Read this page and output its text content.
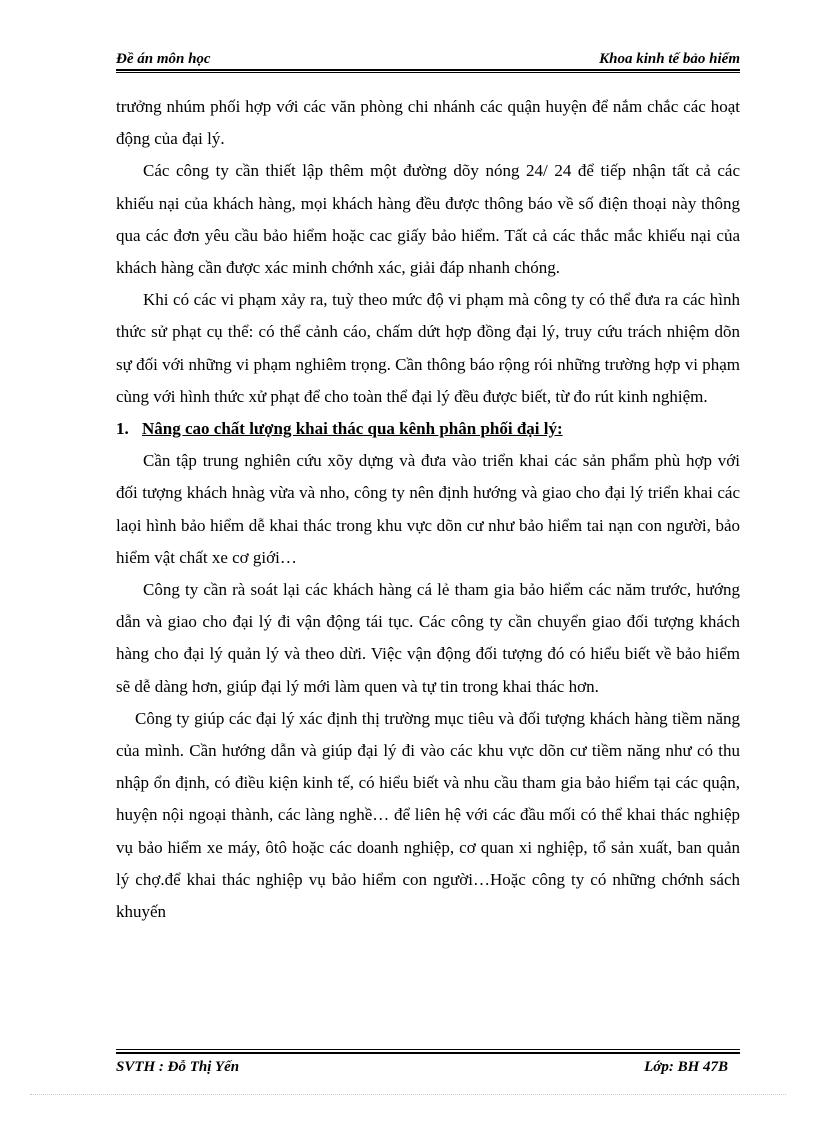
Đề án môn học	Khoa kinh tế bảo hiểm

trưởng nhúm phối hợp với các văn phòng chi nhánh các quận huyện để nắm chắc các hoạt động của đại lý.

Các công ty cần thiết lập thêm một đường dõy nóng 24/ 24 để tiếp nhận tất cả các khiếu nại của khách hàng, mọi khách hàng đều được thông báo về số điện thoại này thông qua các đơn yêu cầu bảo hiểm hoặc cac giấy bảo hiểm. Tất cả các thắc mắc khiếu nại của khách hàng cần được xác minh chớnh xác, giải đáp nhanh chóng.

Khi có các vi phạm xảy ra, tuỳ theo mức độ vi phạm mà công ty có thể đưa ra các hình thức sử phạt cụ thể: có thể cảnh cáo, chấm dứt hợp đồng đại lý, truy cứu trách nhiệm dõn sự đối với những vi phạm nghiêm trọng. Cần thông báo rộng rói những trường hợp vi phạm cùng với hình thức xử phạt để cho toàn thể đại lý đều được biết, từ đo rút kinh nghiệm.

1. Nâng cao chất lượng khai thác qua kênh phân phối đại lý:

Cần tập trung nghiên cứu xõy dựng và đưa vào triển khai các sản phẩm phù hợp với đối tượng khách hnàg vừa và nho, công ty nên định hướng và giao cho đại lý triển khai các laọi hình bảo hiểm dễ khai thác trong khu vực dõn cư như bảo hiểm tai nạn con người, bảo hiểm vật chất xe cơ giới…

Công ty cần rà soát lại các khách hàng cá lẻ tham gia bảo hiểm các năm trước, hướng dẫn và giao cho đại lý đi vận động tái tục. Các công ty cần chuyển giao đối tượng khách hàng cho đại lý quản lý và theo dừi. Việc vận động đối tượng đó có hiểu biết về bảo hiểm sẽ dễ dàng hơn, giúp đại lý mới làm quen và tự tin trong khai thác hơn.

Công ty giúp các đại lý xác định thị trường mục tiêu và đối tượng khách hàng tiềm năng của mình. Cần hướng dẫn và giúp đại lý đi vào các khu vực dõn cư tiềm năng như có thu nhập ổn định, có điều kiện kinh tế, có hiểu biết và nhu cầu tham gia bảo hiểm tại các quận, huyện nội ngoại thành, các làng nghề… để liên hệ với các đầu mối có thể khai thác nghiệp vụ bảo hiểm xe máy, ôtô hoặc các doanh nghiệp, cơ quan xi nghiệp, tổ sản xuất, ban quản lý chợ.để khai thác nghiệp vụ bảo hiểm con người…Hoặc công ty có những chớnh sách khuyến

SVTH : Đỗ Thị Yến	Lớp: BH 47B
